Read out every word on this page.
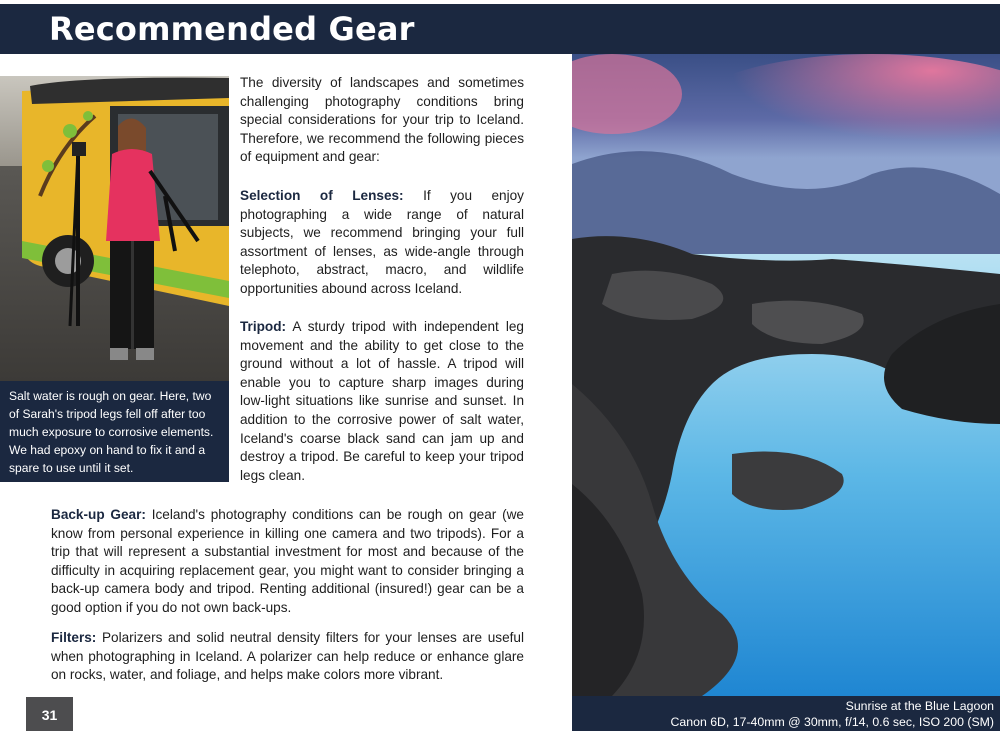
Recommended Gear
Salt water is rough on gear. Here, two of Sarah's tripod legs fell off after too much exposure to corrosive elements. We had epoxy on hand to fix it and a spare to use until it set.

The diversity of landscapes and sometimes challenging photography conditions bring special considerations for your trip to Iceland. Therefore, we recommend the following pieces of equipment and gear:

Selection of Lenses: If you enjoy photographing a wide range of natural subjects, we recommend bringing your full assortment of lenses, as wide-angle through telephoto, abstract, macro, and wildlife opportunities abound across Iceland.

Tripod: A sturdy tripod with independent leg movement and the ability to get close to the ground without a lot of hassle. A tripod will enable you to capture sharp images during low-light situations like sunrise and sunset. In addition to the corrosive power of salt water, Iceland's coarse black sand can jam up and destroy a tripod. Be careful to keep your tripod legs clean.

Back-up Gear: Iceland's photography conditions can be rough on gear (we know from personal experience in killing one camera and two tripods). For a trip that will represent a substantial investment for most and because of the difficulty in acquiring replacement gear, you might want to consider bringing a back-up camera body and tripod. Renting additional (insured!) gear can be a good option if you do not own back-ups.

Filters: Polarizers and solid neutral density filters for your lenses are useful when photographing in Iceland. A polarizer can help reduce or enhance glare on rocks, water, and foliage, and helps make colors more vibrant.

31
Sunrise at the Blue Lagoon
Canon 6D, 17-40mm @ 30mm, f/14, 0.6 sec, ISO 200 (SM)
